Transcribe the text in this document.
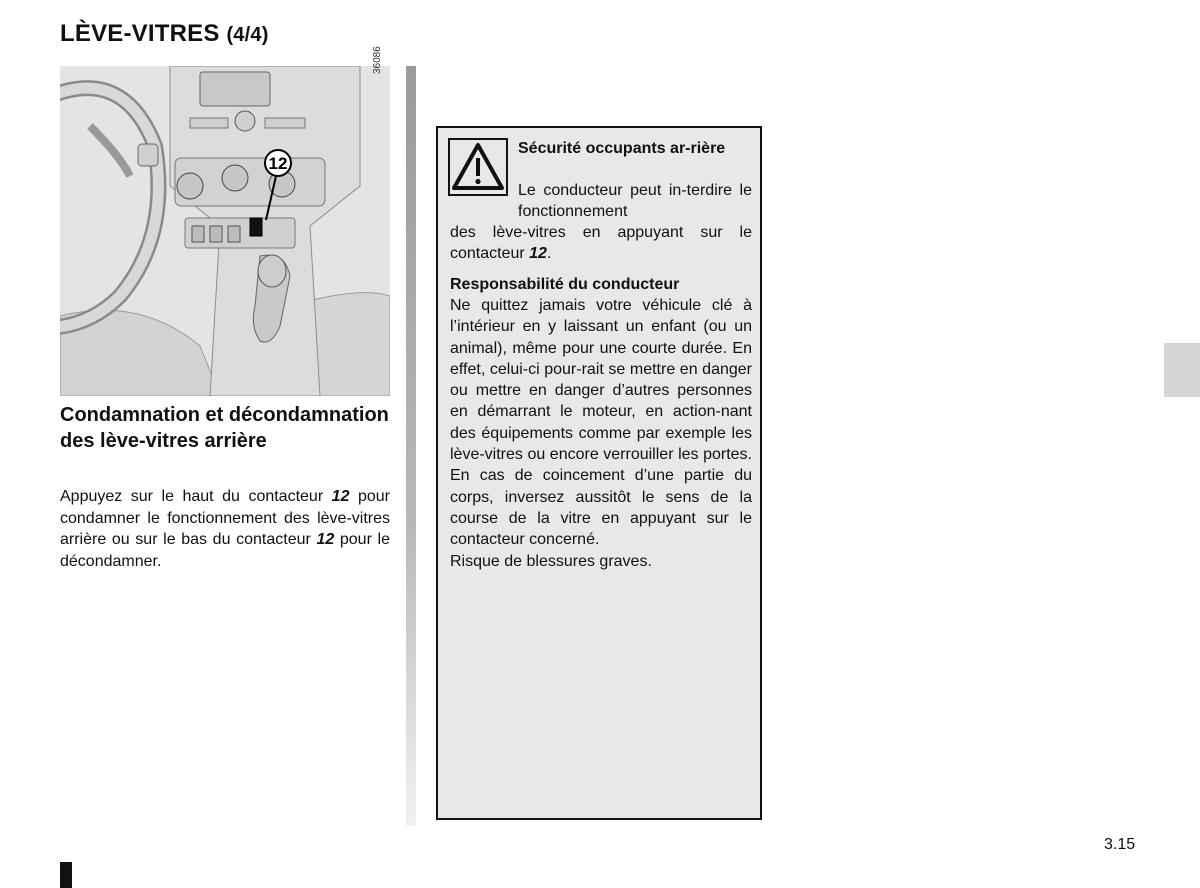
LÈVE-VITRES (4/4)
12
36086
Condamnation et décondamnation des lève-vitres arrière
Appuyez sur le haut du contacteur 12 pour condamner le fonctionnement des lève-vitres arrière ou sur le bas du contacteur 12 pour le décondamner.
Sécurité occupants ar-rière
Le conducteur peut in-terdire le fonctionnement
des lève-vitres en appuyant sur le contacteur 12.
Responsabilité du conducteur
Ne quittez jamais votre véhicule clé à l’intérieur en y laissant un enfant (ou un animal), même pour une courte durée. En effet, celui-ci pour-rait se mettre en danger ou mettre en danger d’autres personnes en démarrant le moteur, en action-nant des équipements comme par exemple les lève-vitres ou encore verrouiller les portes. En cas de coincement d’une partie du corps, inversez aussitôt le sens de la course de la vitre en appuyant sur le contacteur concerné.
Risque de blessures graves.
3.15
